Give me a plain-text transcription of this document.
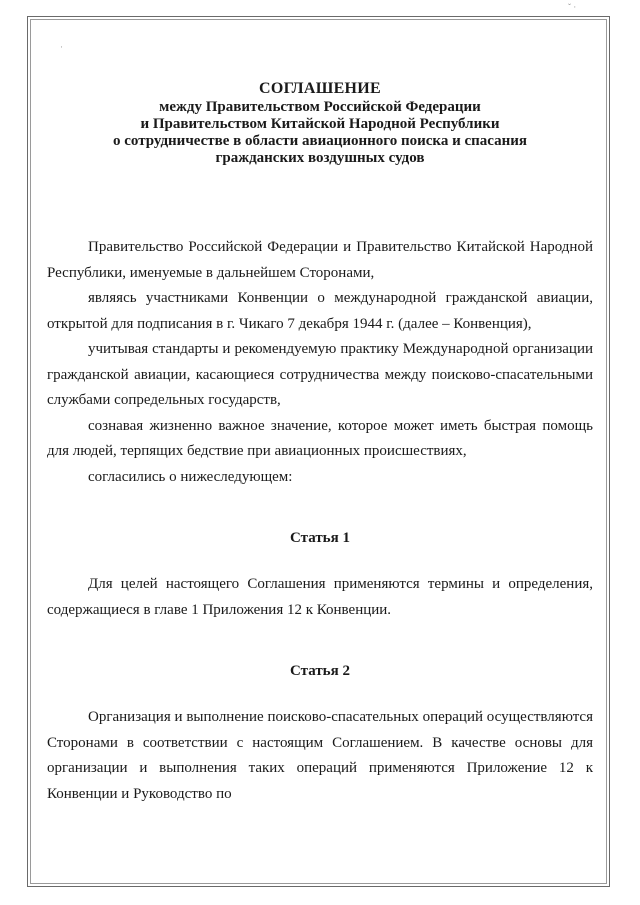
ˇ ·
·
СОГЛАШЕНИЕ
между Правительством Российской Федерации
и Правительством Китайской Народной Республики
о сотрудничестве в области авиационного поиска и спасания
гражданских воздушных судов

Правительство Российской Федерации и Правительство Китайской Народной Республики, именуемые в дальнейшем Сторонами,

являясь участниками Конвенции о международной гражданской авиации, открытой для подписания в г. Чикаго 7 декабря 1944 г. (далее – Конвенция),

учитывая стандарты и рекомендуемую практику Международной организации гражданской авиации, касающиеся сотрудничества между поисково-спасательными службами сопредельных государств,

сознавая жизненно важное значение, которое может иметь быстрая помощь для людей, терпящих бедствие при авиационных происшествиях,

согласились о нижеследующем:

Статья 1

Для целей настоящего Соглашения применяются термины и определения, содержащиеся в главе 1 Приложения 12 к Конвенции.

Статья 2

Организация и выполнение поисково-спасательных операций осуществляются Сторонами в соответствии с настоящим Соглашением. В качестве основы для организации и выполнения таких операций применяются Приложение 12 к Конвенции и Руководство по
